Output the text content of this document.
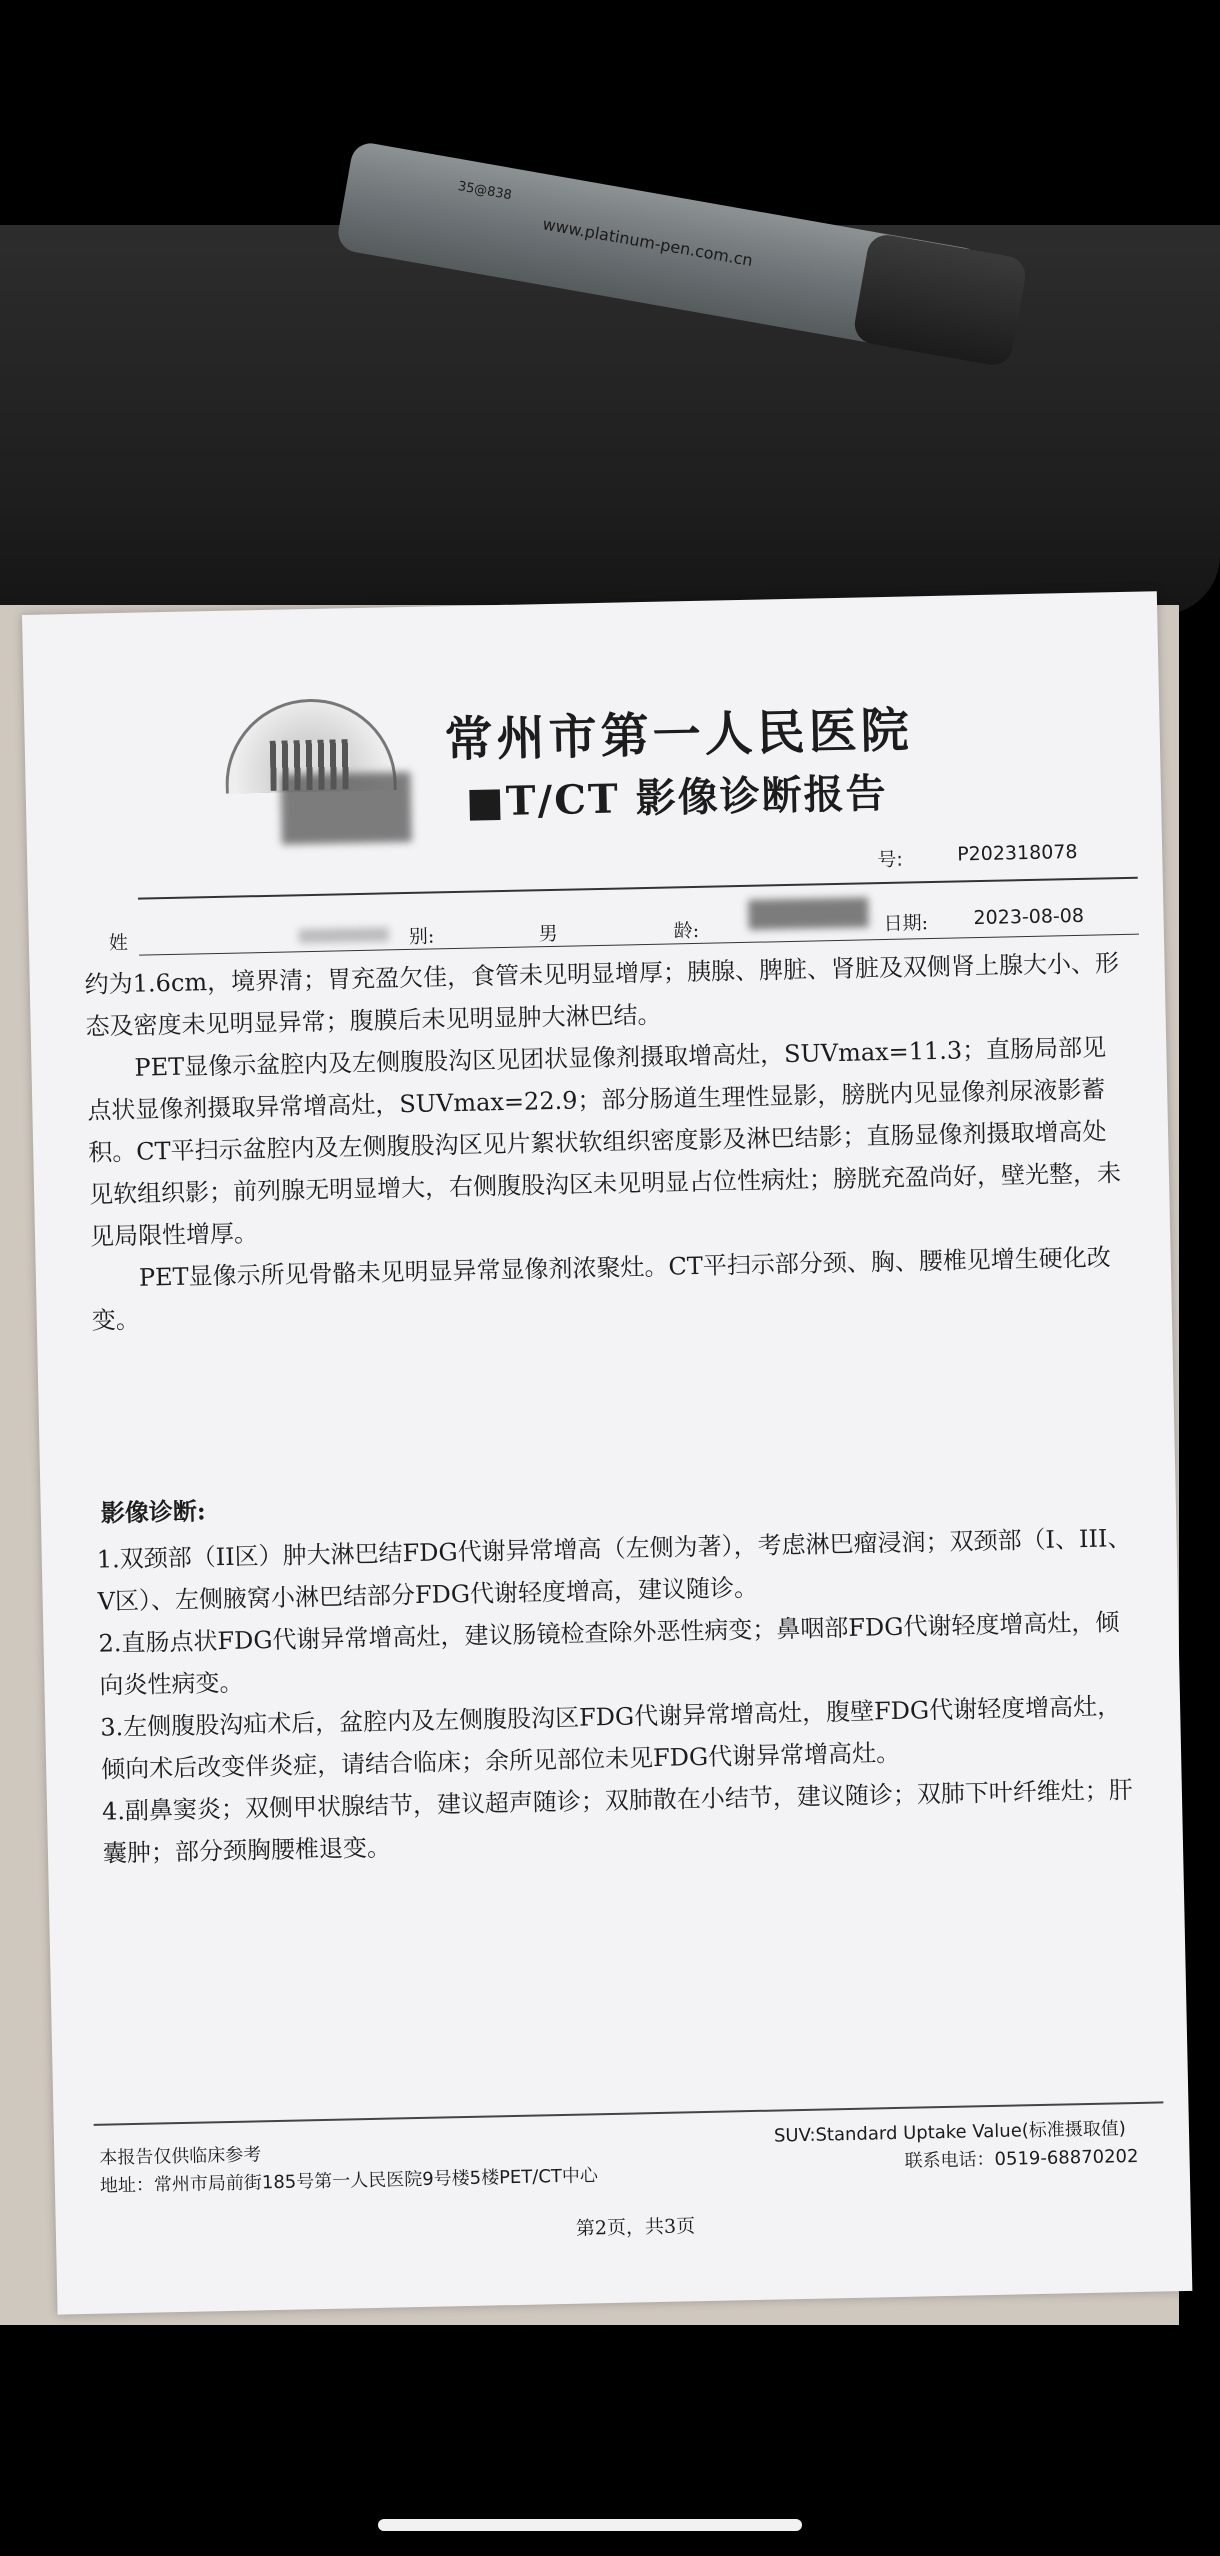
35@838
www.platinum-pen.com.cn
常州市第一人民医院
■T/CT 影像诊断报告
号:	P202318078
姓	别:	男	龄:	日期: 2023-08-08

约为1.6cm，境界清；胃充盈欠佳，食管未见明显增厚；胰腺、脾脏、肾脏及双侧肾上腺大小、形态及密度未见明显异常；腹膜后未见明显肿大淋巴结。

PET显像示盆腔内及左侧腹股沟区见团状显像剂摄取增高灶，SUVmax=11.3；直肠局部见点状显像剂摄取异常增高灶，SUVmax=22.9；部分肠道生理性显影，膀胱内见显像剂尿液影蓄积。CT平扫示盆腔内及左侧腹股沟区见片絮状软组织密度影及淋巴结影；直肠显像剂摄取增高处见软组织影；前列腺无明显增大，右侧腹股沟区未见明显占位性病灶；膀胱充盈尚好，壁光整，未见局限性增厚。

PET显像示所见骨骼未见明显异常显像剂浓聚灶。CT平扫示部分颈、胸、腰椎见增生硬化改变。

影像诊断:

1.双颈部（II区）肿大淋巴结FDG代谢异常增高（左侧为著），考虑淋巴瘤浸润；双颈部（I、III、V区）、左侧腋窝小淋巴结部分FDG代谢轻度增高，建议随诊。

2.直肠点状FDG代谢异常增高灶，建议肠镜检查除外恶性病变；鼻咽部FDG代谢轻度增高灶，倾向炎性病变。

3.左侧腹股沟疝术后，盆腔内及左侧腹股沟区FDG代谢异常增高灶，腹壁FDG代谢轻度增高灶，倾向术后改变伴炎症，请结合临床；余所见部位未见FDG代谢异常增高灶。

4.副鼻窦炎；双侧甲状腺结节，建议超声随诊；双肺散在小结节，建议随诊；双肺下叶纤维灶；肝囊肿；部分颈胸腰椎退变。

本报告仅供临床参考
地址：常州市局前街185号第一人民医院9号楼5楼PET/CT中心
SUV:Standard Uptake Value(标准摄取值)
联系电话：0519-68870202
第2页，共3页
